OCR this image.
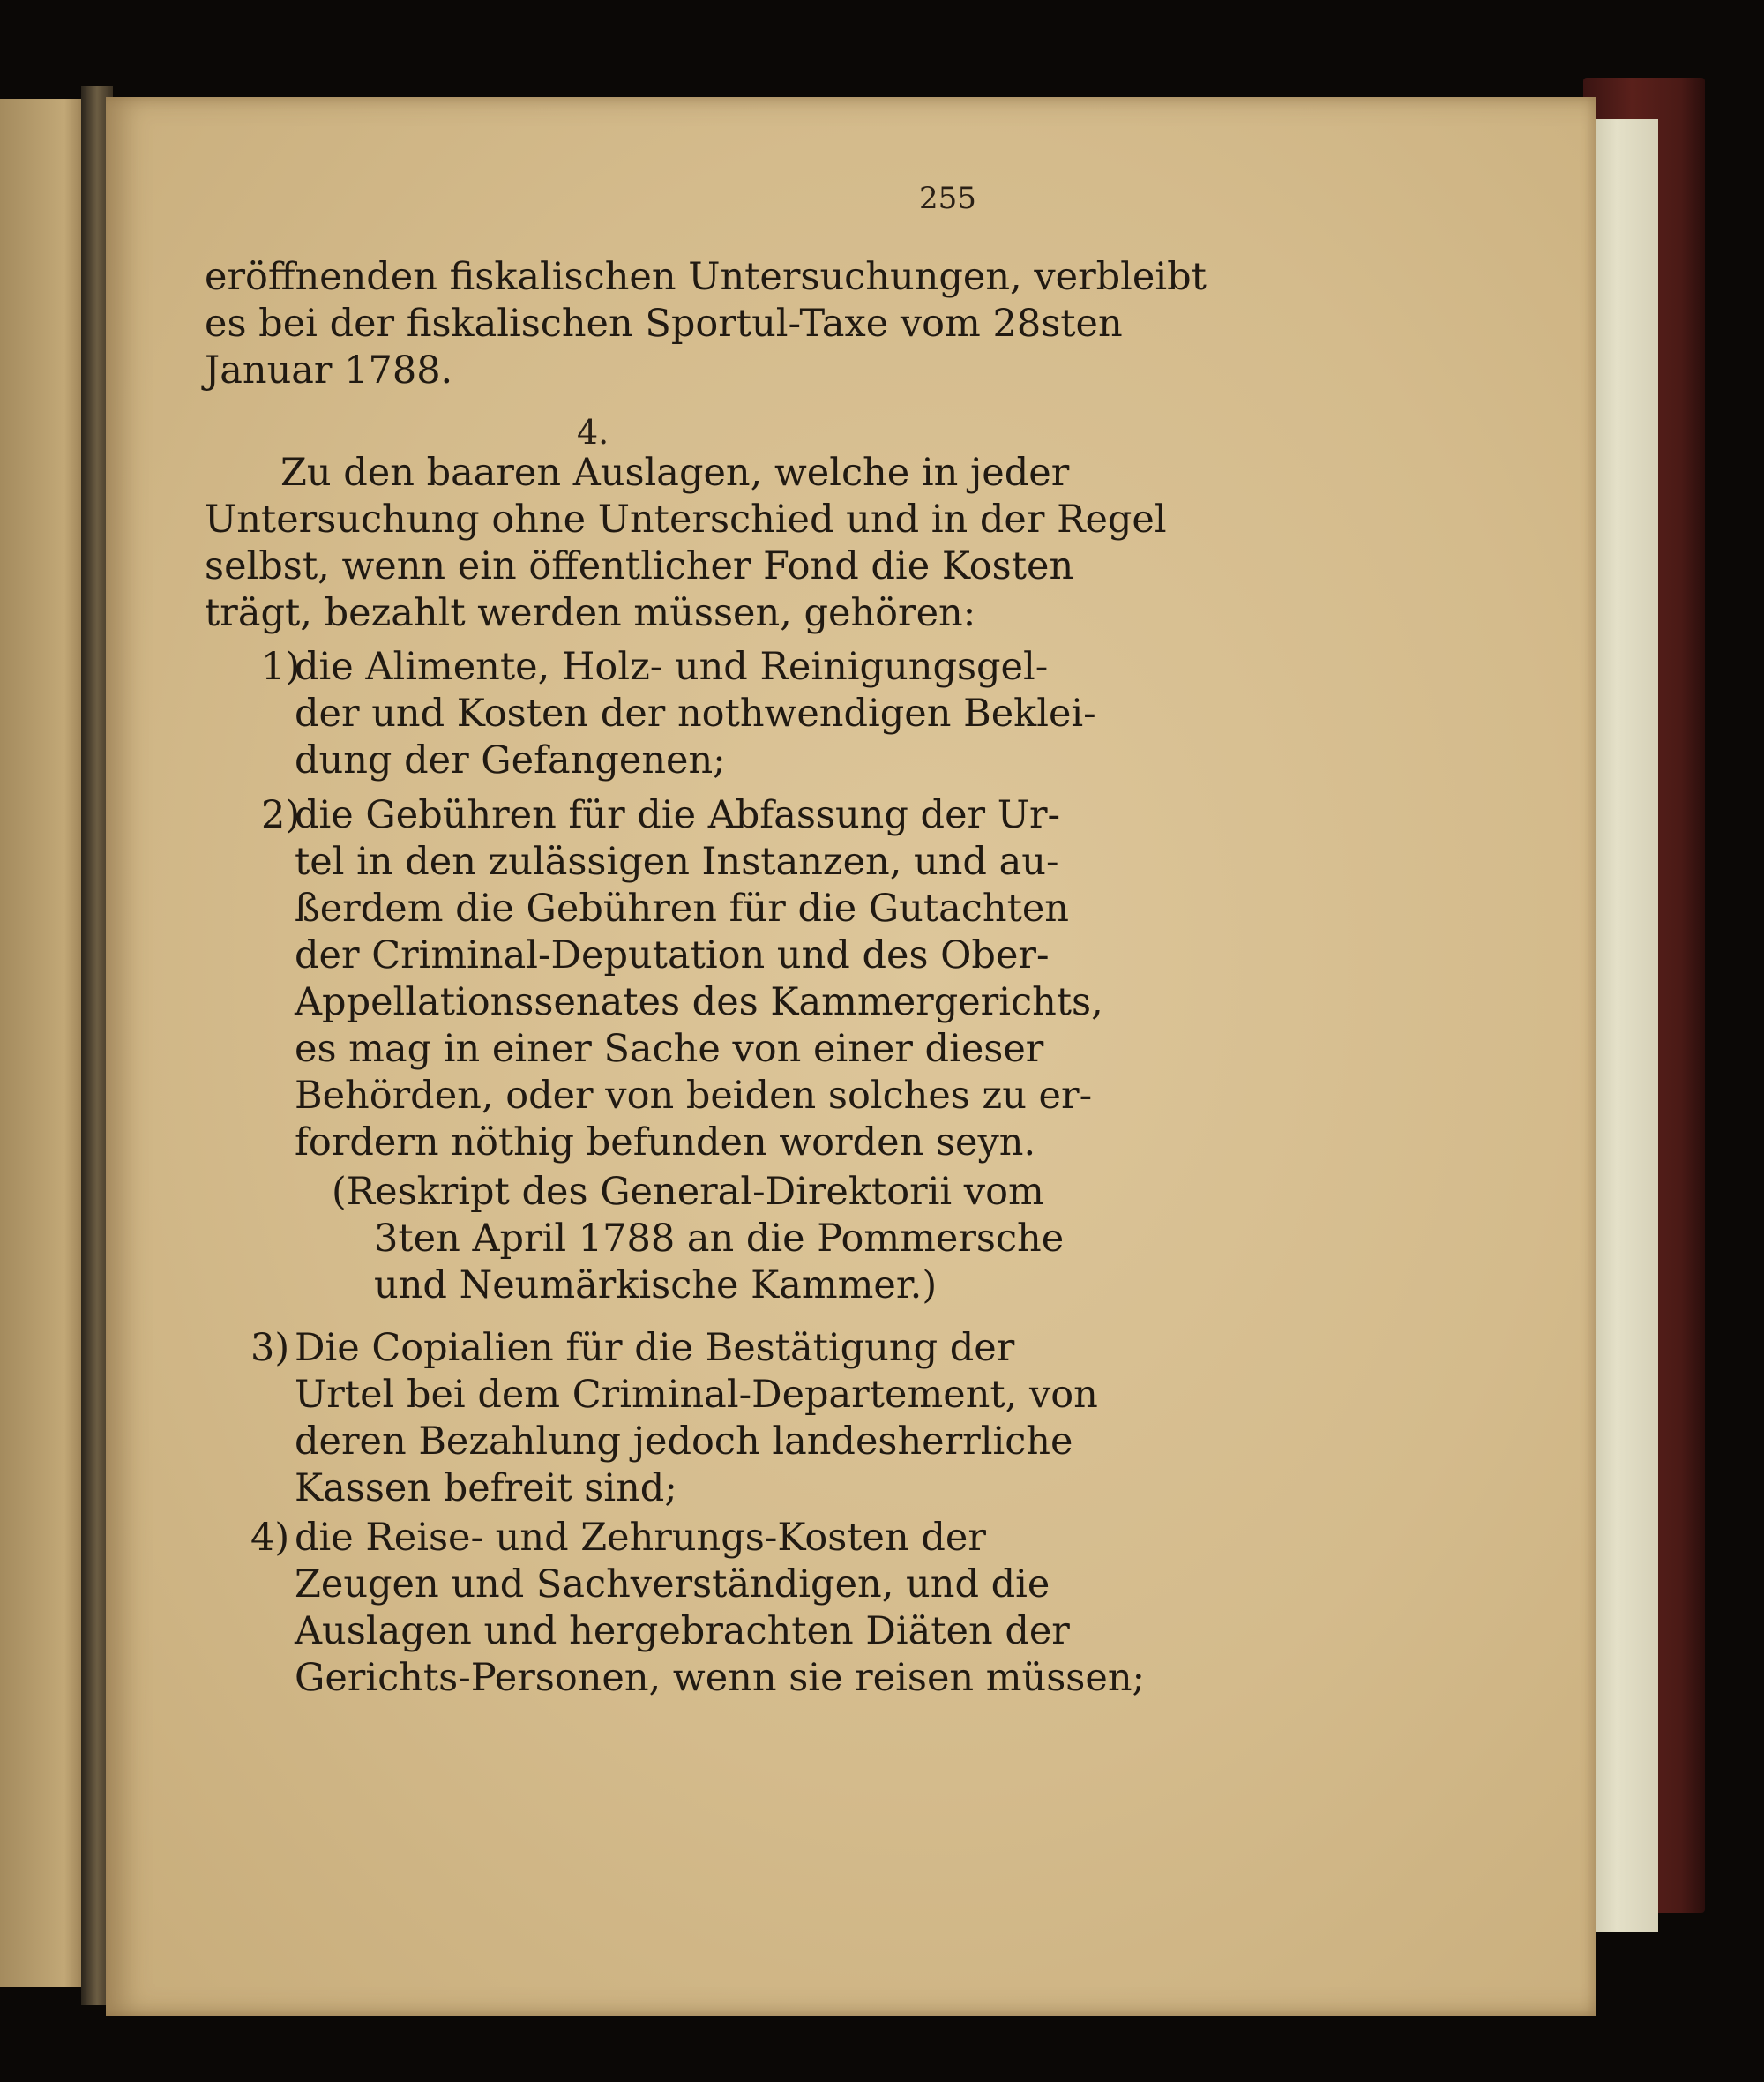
255
eröffnenden fiskalischen Untersuchungen, verbleibt
es bei der fiskalischen Sportul-Taxe vom 28sten
Januar 1788.
4.
Zu den baaren Auslagen, welche in jeder
Untersuchung ohne Unterschied und in der Regel
selbst, wenn ein öffentlicher Fond die Kosten
trägt, bezahlt werden müssen, gehören:
1)
die Alimente, Holz- und Reinigungsgel-
der und Kosten der nothwendigen Beklei-
dung der Gefangenen;
2)
die Gebühren für die Abfassung der Ur-
tel in den zulässigen Instanzen, und au-
ßerdem die Gebühren für die Gutachten
der Criminal-Deputation und des Ober-
Appellationssenates des Kammergerichts,
es mag in einer Sache von einer dieser
Behörden, oder von beiden solches zu er-
fordern nöthig befunden worden seyn.
(Reskript des General-Direktorii vom
3ten April 1788 an die Pommersche
und Neumärkische Kammer.)
3) Die Copialien für die Bestätigung der
Urtel bei dem Criminal-Departement, von
deren Bezahlung jedoch landesherrliche
Kassen befreit sind;
4) die Reise- und Zehrungs-Kosten der
Zeugen und Sachverständigen, und die
Auslagen und hergebrachten Diäten der
Gerichts-Personen, wenn sie reisen müssen;
